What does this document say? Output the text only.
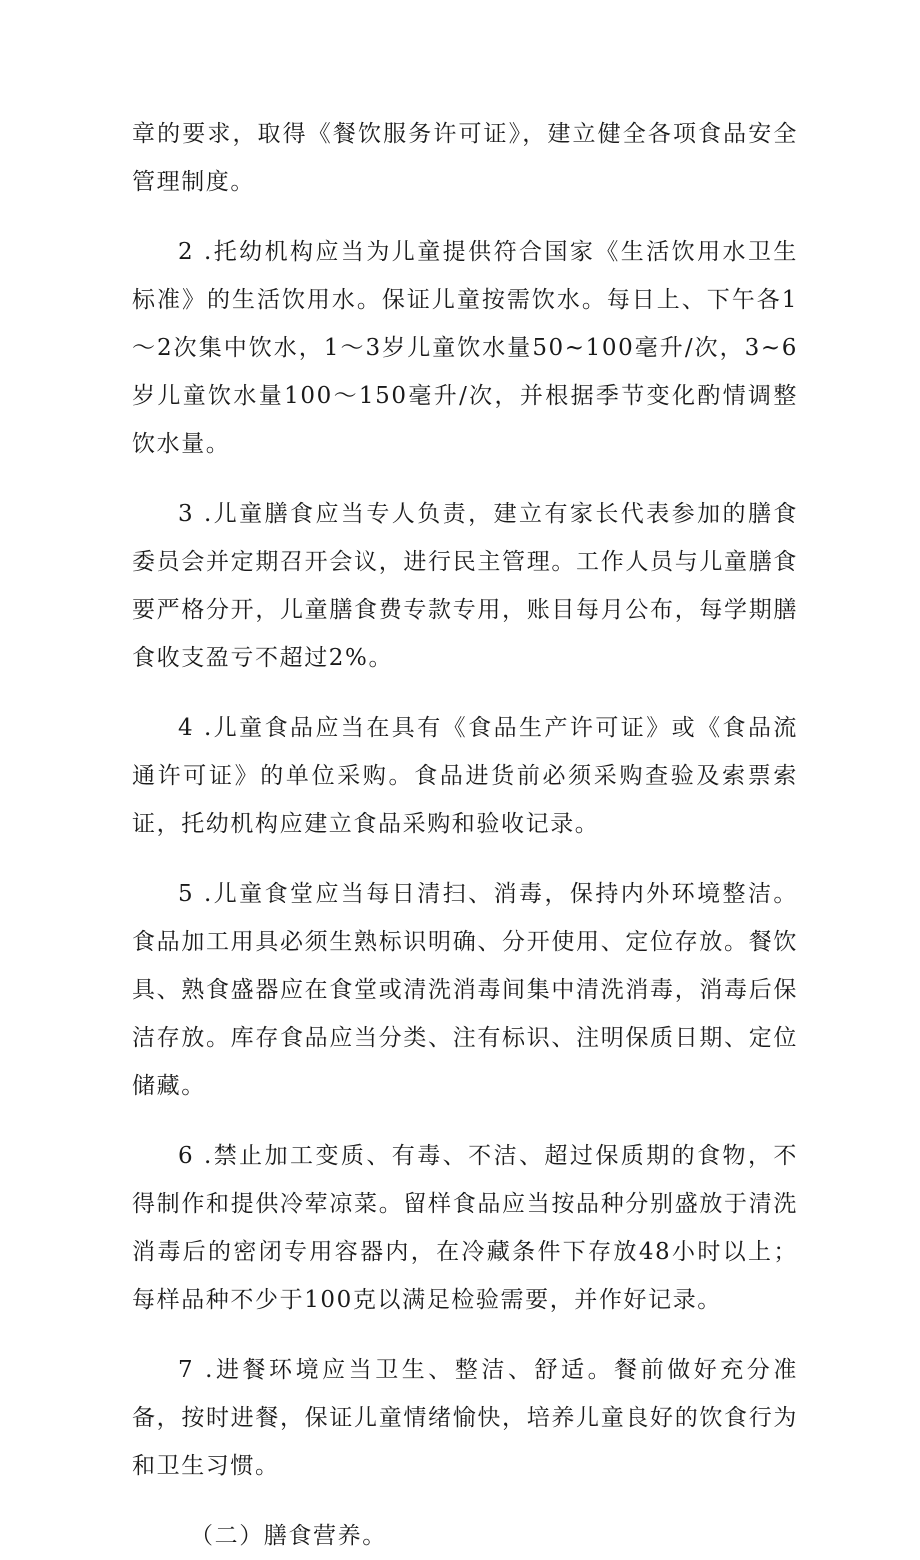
章的要求，取得《餐饮服务许可证》，建立健全各项食品安全管理制度。

2 .托幼机构应当为儿童提供符合国家《生活饮用水卫生标准》的生活饮用水。保证儿童按需饮水。每日上、下午各1～2次集中饮水，1～3岁儿童饮水量50~100毫升/次，3~6岁儿童饮水量100～150毫升/次，并根据季节变化酌情调整饮水量。

3 .儿童膳食应当专人负责，建立有家长代表参加的膳食委员会并定期召开会议，进行民主管理。工作人员与儿童膳食要严格分开，儿童膳食费专款专用，账目每月公布，每学期膳食收支盈亏不超过2%。

4 .儿童食品应当在具有《食品生产许可证》或《食品流通许可证》的单位采购。食品进货前必须采购查验及索票索证，托幼机构应建立食品采购和验收记录。

5 .儿童食堂应当每日清扫、消毒，保持内外环境整洁。食品加工用具必须生熟标识明确、分开使用、定位存放。餐饮具、熟食盛器应在食堂或清洗消毒间集中清洗消毒，消毒后保洁存放。库存食品应当分类、注有标识、注明保质日期、定位储藏。

6 .禁止加工变质、有毒、不洁、超过保质期的食物，不得制作和提供冷荤凉菜。留样食品应当按品种分别盛放于清洗消毒后的密闭专用容器内，在冷藏条件下存放48小时以上；每样品种不少于100克以满足检验需要，并作好记录。

7 .进餐环境应当卫生、整洁、舒适。餐前做好充分准备，按时进餐，保证儿童情绪愉快，培养儿童良好的饮食行为和卫生习惯。

（二）膳食营养。
